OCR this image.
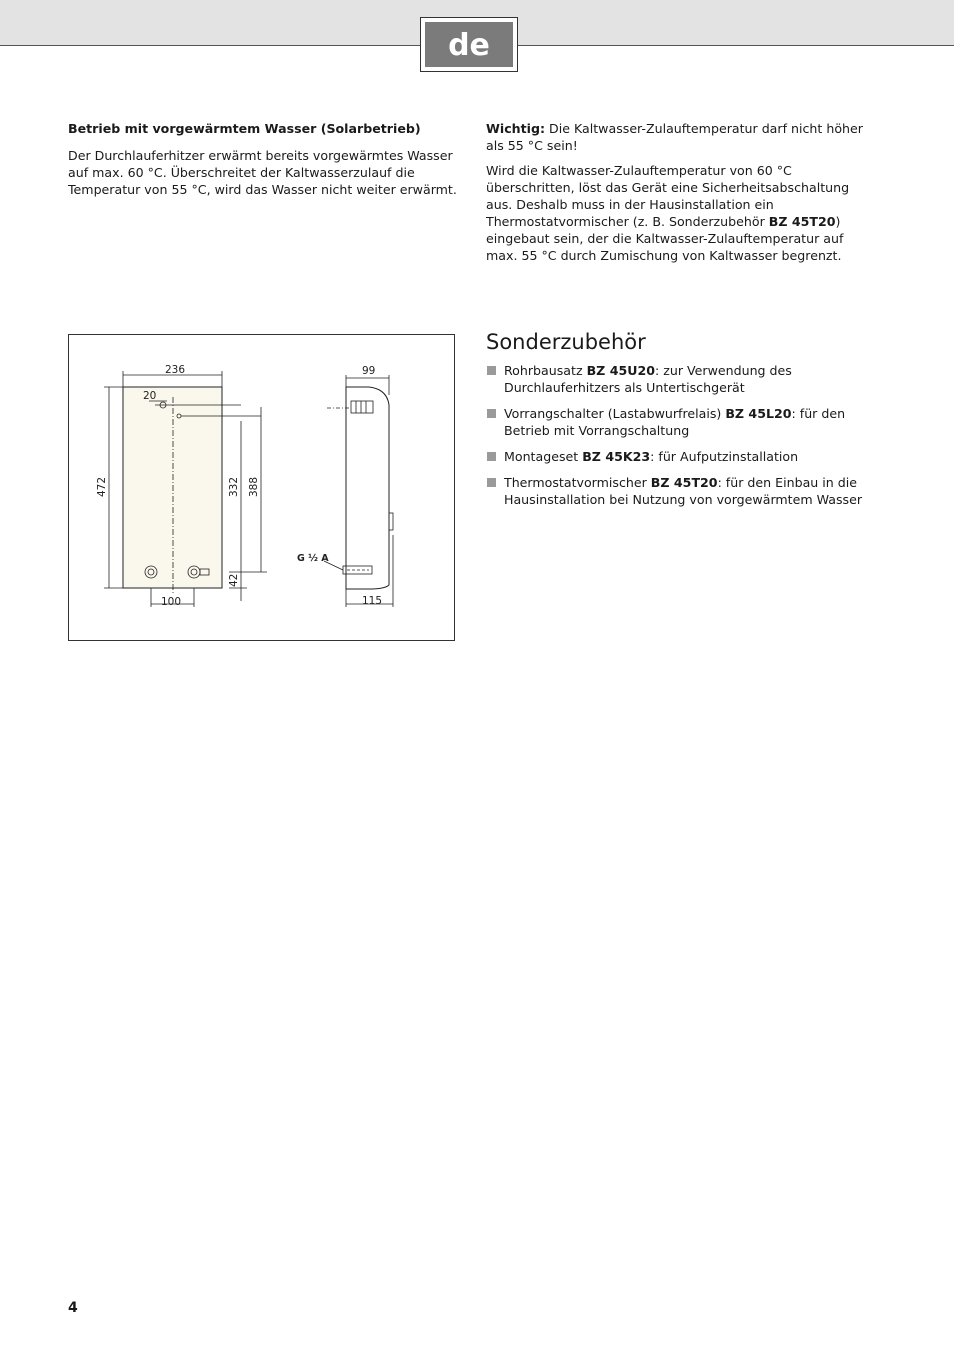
de

Betrieb mit vorgewärmtem Wasser (Solarbetrieb)

Der Durchlauferhitzer erwärmt bereits vorgewärmtes Wasser auf max. 60 °C. Überschreitet der Kaltwasserzulauf die Temperatur von 55 °C, wird das Wasser nicht weiter erwärmt.

Wichtig: Die Kaltwasser-Zulauftemperatur darf nicht höher als 55 °C sein!

Wird die Kaltwasser-Zulauftemperatur von 60 °C überschritten, löst das Gerät eine Sicherheitsabschaltung aus. Deshalb muss in der Hausinstallation ein Thermostatvormischer (z. B. Sonderzubehör BZ 45T20) eingebaut sein, der die Kaltwasser-Zulauftemperatur auf max. 55 °C durch Zumischung von Kaltwasser begrenzt.

236
20
472	332 388
42
100
99
115
G ½ A
Sonderzubehör
Rohrbausatz BZ 45U20: zur Verwendung des Durchlauferhitzers als Untertischgerät
Vorrangschalter (Lastabwurfrelais) BZ 45L20: für den Betrieb mit Vorrangschaltung
Montageset BZ 45K23: für Aufputzinstallation
Thermostatvormischer BZ 45T20: für den Einbau in die Hausinstallation bei Nutzung von vorgewärmtem Wasser
4
